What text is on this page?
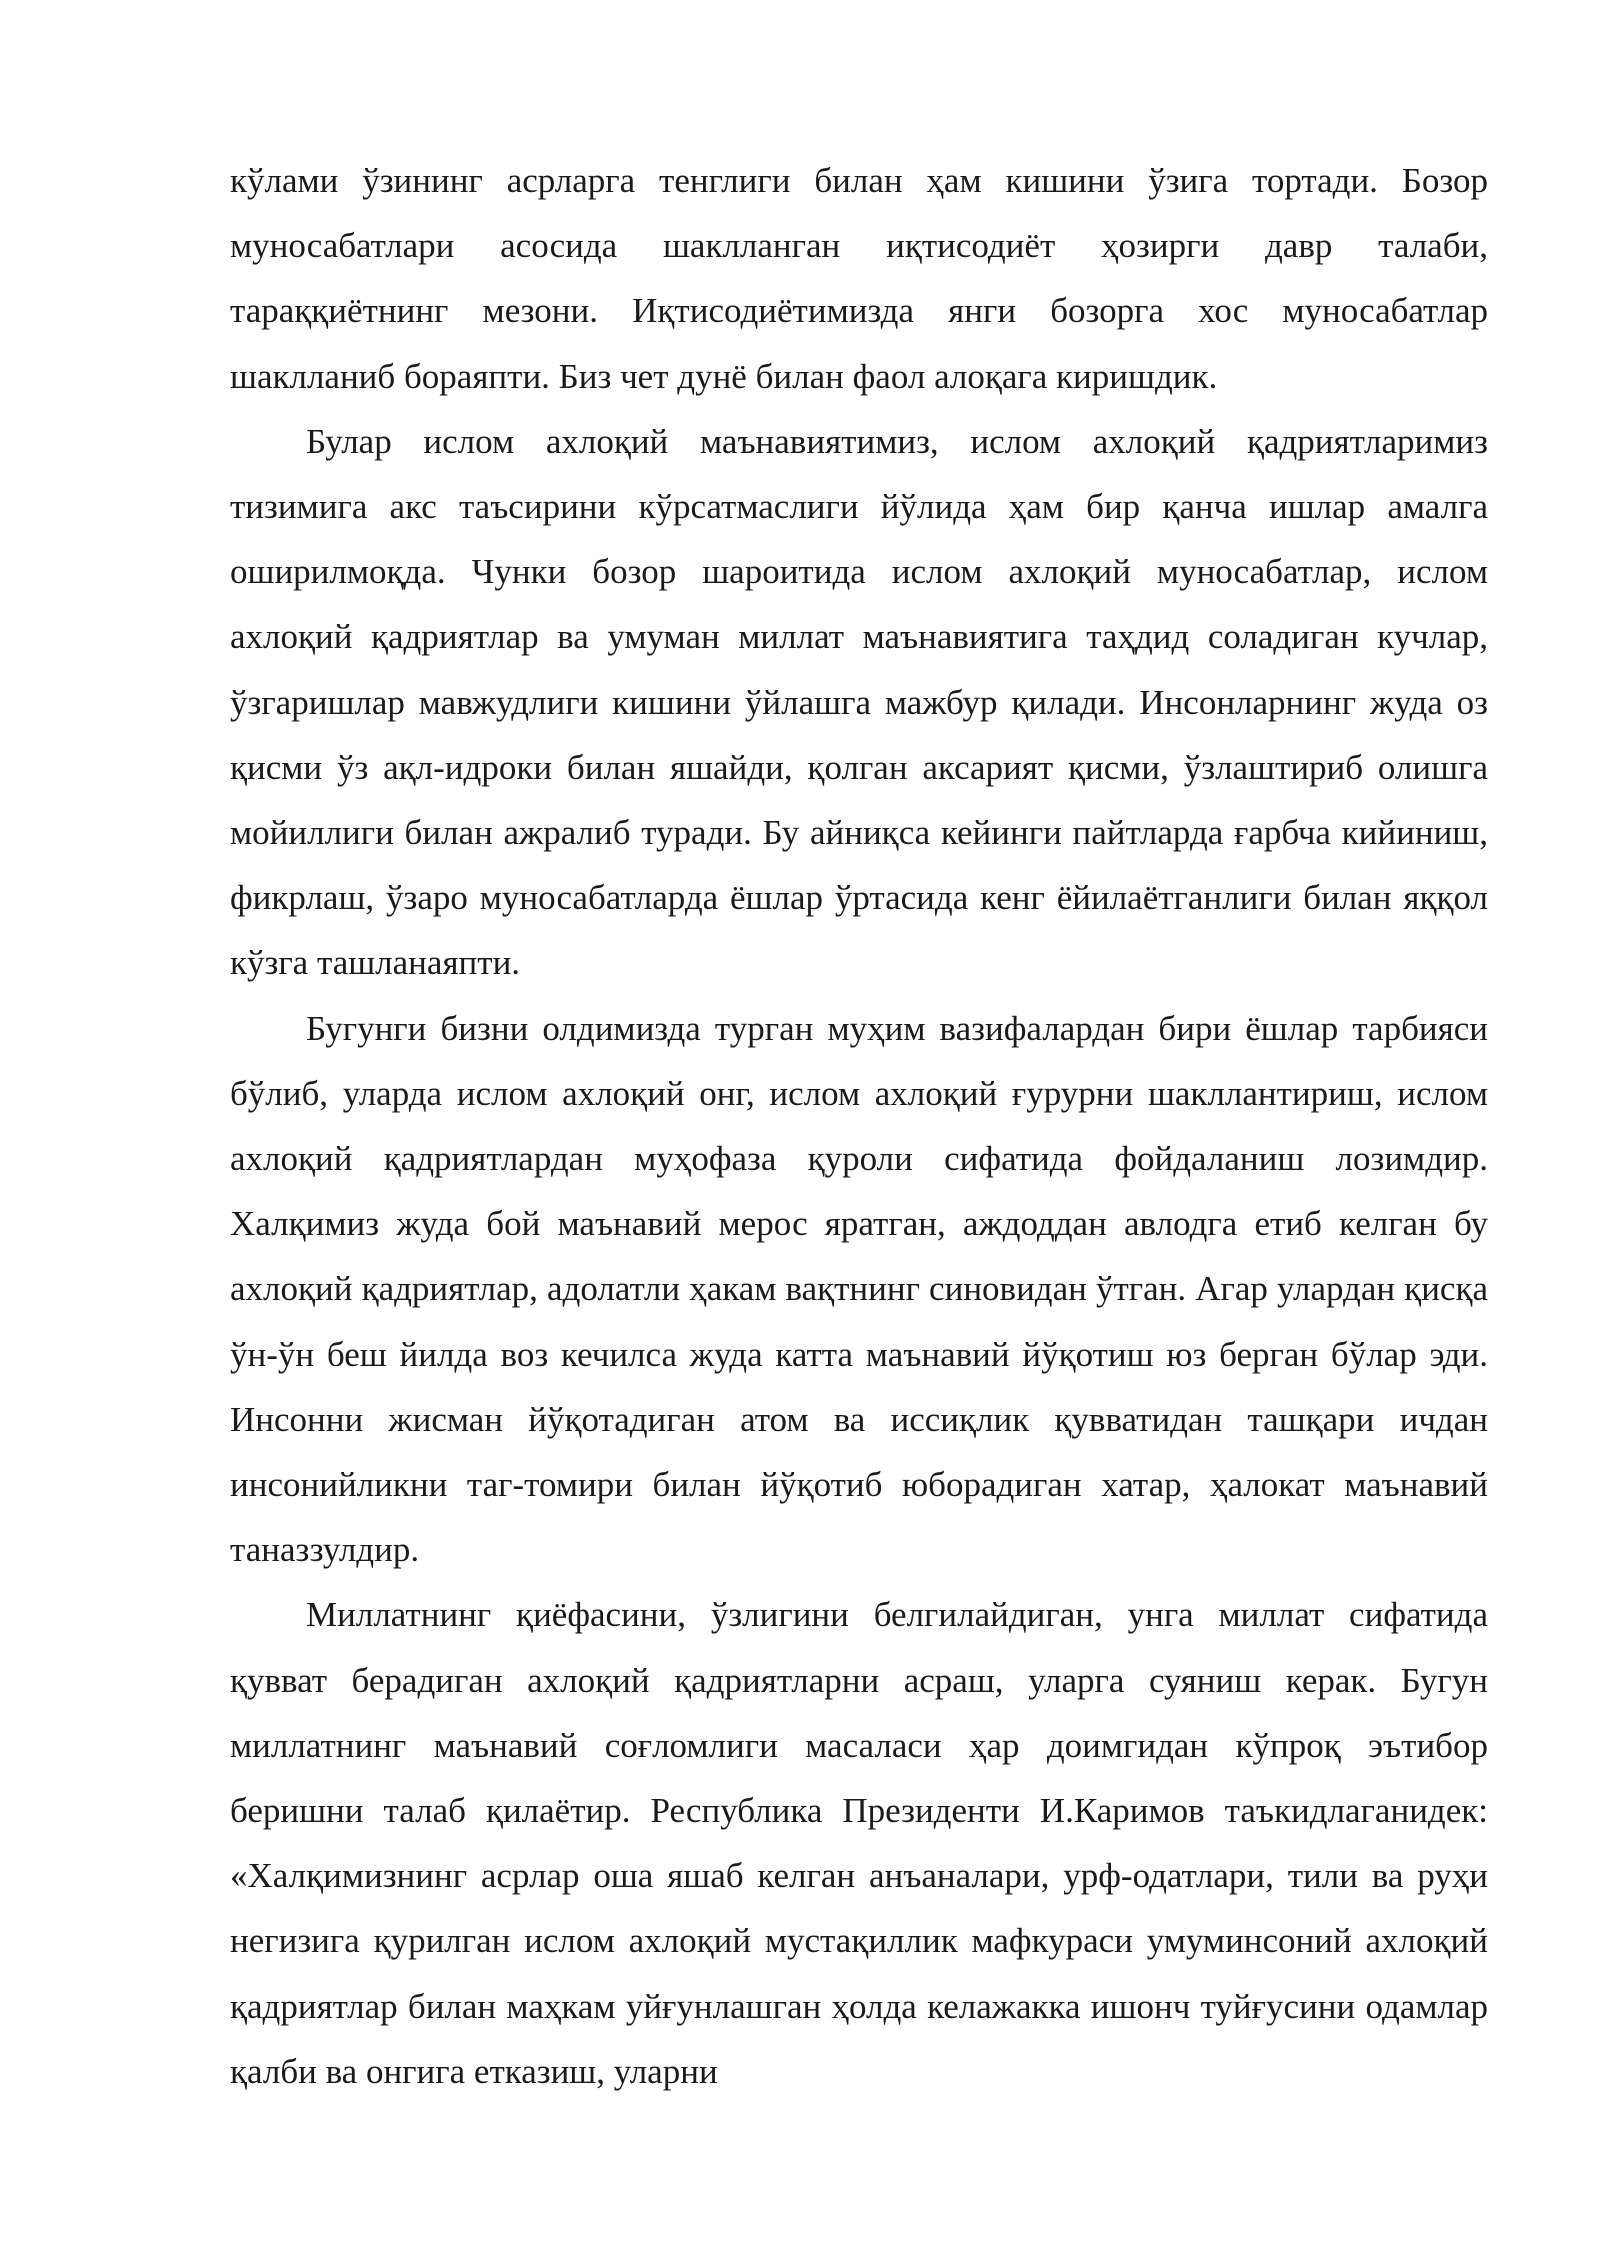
кўлами ўзининг асрларга тенглиги билан ҳам кишини ўзига тортади. Бозор муносабатлари асосида шаклланган иқтисодиёт ҳозирги давр талаби, тараққиётнинг мезони. Иқтисодиётимизда янги бозорга хос муносабатлар шаклланиб бораяпти. Биз чет дунё билан фаол алоқага киришдик.

Булар ислом ахлоқий маънавиятимиз, ислом ахлоқий қадриятларимиз тизимига акс таъсирини кўрсатмаслиги йўлида ҳам бир қанча ишлар амалга оширилмоқда. Чунки бозор шароитида ислом ахлоқий муносабатлар, ислом ахлоқий қадриятлар ва умуман миллат маънавиятига таҳдид соладиган кучлар, ўзгаришлар мавжудлиги кишини ўйлашга мажбур қилади. Инсонларнинг жуда оз қисми ўз ақл-идроки билан яшайди, қолган аксарият қисми, ўзлаштириб олишга мойиллиги билан ажралиб туради. Бу айниқса кейинги пайтларда ғарбча кийиниш, фикрлаш, ўзаро муносабатларда ёшлар ўртасида кенг ёйилаётганлиги билан яққол кўзга ташланаяпти.

Бугунги бизни олдимизда турган муҳим вазифалардан бири ёшлар тарбияси бўлиб, уларда ислом ахлоқий онг, ислом ахлоқий ғурурни шакллантириш, ислом ахлоқий қадриятлардан муҳофаза қуроли сифатида фойдаланиш лозимдир. Халқимиз жуда бой маънавий мерос яратган, аждоддан авлодга етиб келган бу ахлоқий қадриятлар, адолатли ҳакам вақтнинг синовидан ўтган. Агар улардан қисқа ўн-ўн беш йилда воз кечилса жуда катта маънавий йўқотиш юз берган бўлар эди. Инсонни жисман йўқотадиган атом ва иссиқлик қувватидан ташқари ичдан инсонийликни таг-томири билан йўқотиб юборадиган хатар, ҳалокат маънавий таназзулдир.

Миллатнинг қиёфасини, ўзлигини белгилайдиган, унга миллат сифатида қувват берадиган ахлоқий қадриятларни асраш, уларга суяниш керак. Бугун миллатнинг маънавий соғломлиги масаласи ҳар доимгидан кўпроқ эътибор беришни талаб қилаётир. Республика Президенти И.Каримов таъкидлаганидек: «Халқимизнинг асрлар оша яшаб келган анъаналари, урф-одатлари, тили ва руҳи негизига қурилган ислом ахлоқий мустақиллик мафкураси умуминсоний ахлоқий қадриятлар билан маҳкам уйғунлашган ҳолда келажакка ишонч туйғусини одамлар қалби ва онгига етказиш, уларни
